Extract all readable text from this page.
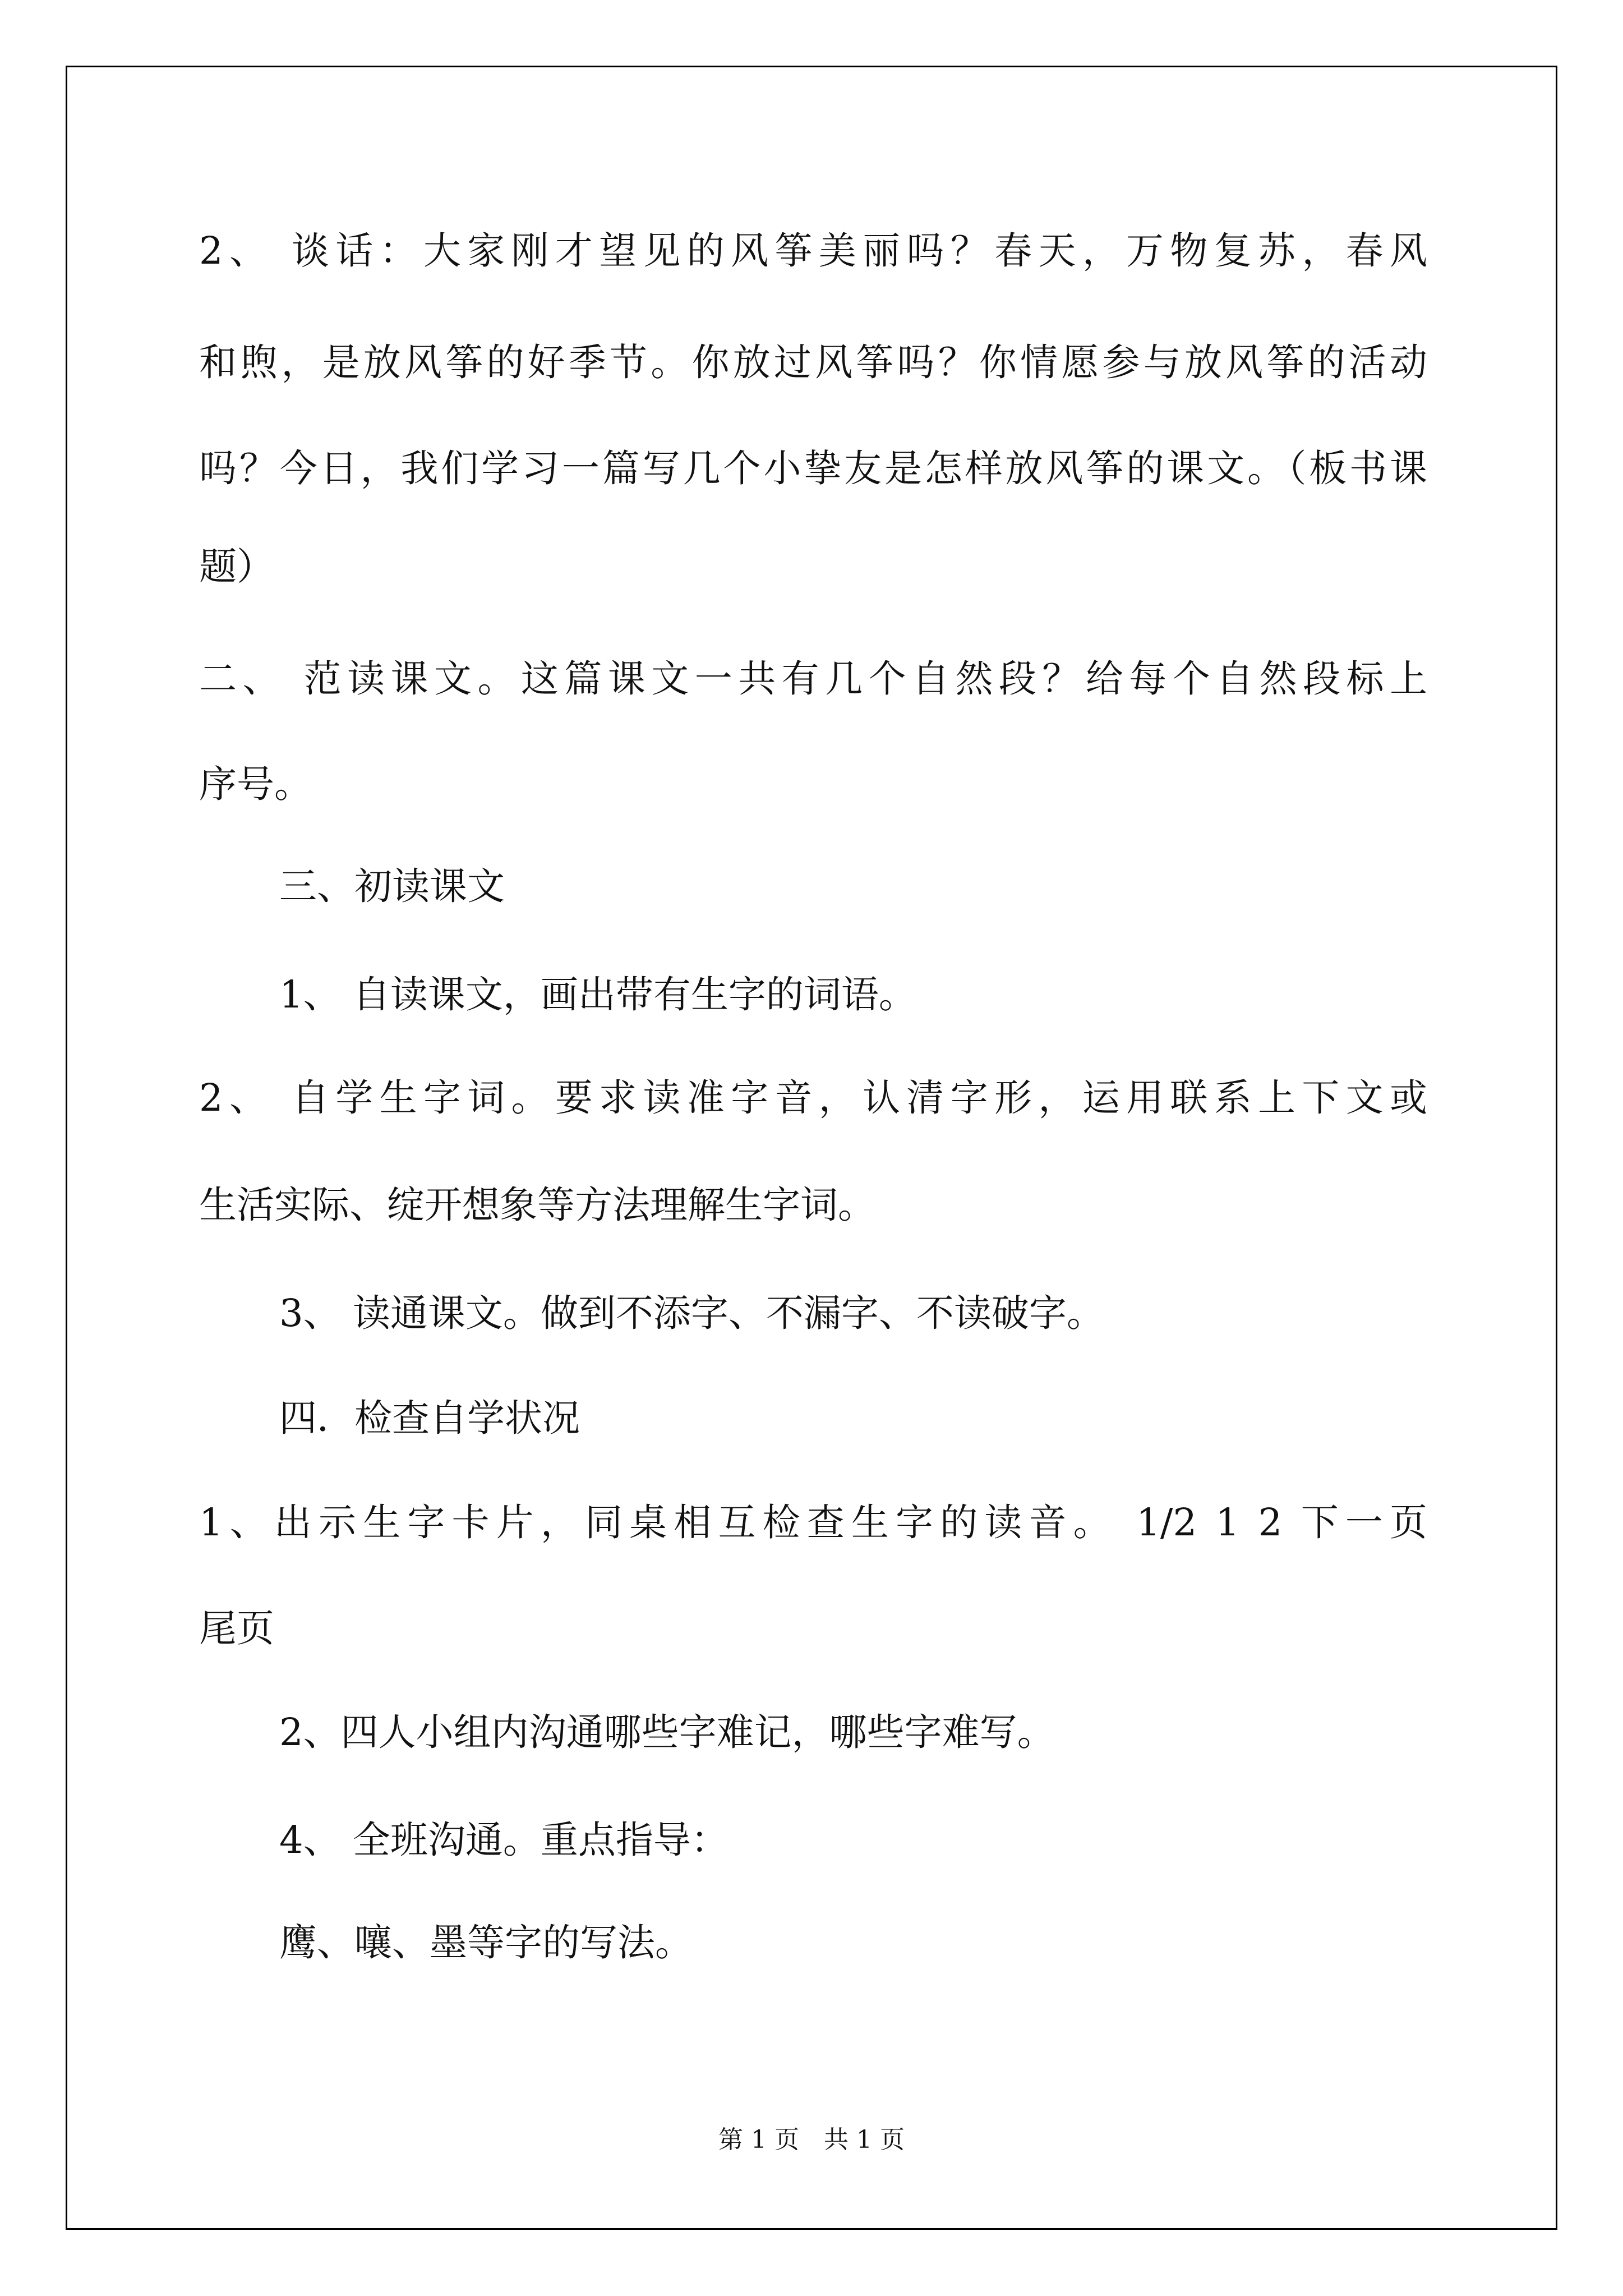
2、 谈话：大家刚才望见的风筝美丽吗？春天，万物复苏，春风
和煦，是放风筝的好季节。你放过风筝吗？你情愿参与放风筝的活动
吗？今日，我们学习一篇写几个小挚友是怎样放风筝的课文。（板书课
题）
二、 范读课文。这篇课文一共有几个自然段？给每个自然段标上
序号。
三、初读课文
1、 自读课文，画出带有生字的词语。
2、 自学生字词。要求读准字音，认清字形，运用联系上下文或
生活实际、绽开想象等方法理解生字词。
3、 读通课文。做到不添字、不漏字、不读破字。
四．检查自学状况
1、出示生字卡片，同桌相互检查生字的读音。 1/2 1 2 下一页
尾页
2、四人小组内沟通哪些字难记，哪些字难写。
4、 全班沟通。重点指导：
鹰、嚷、墨等字的写法。
第 1 页　共 1 页
